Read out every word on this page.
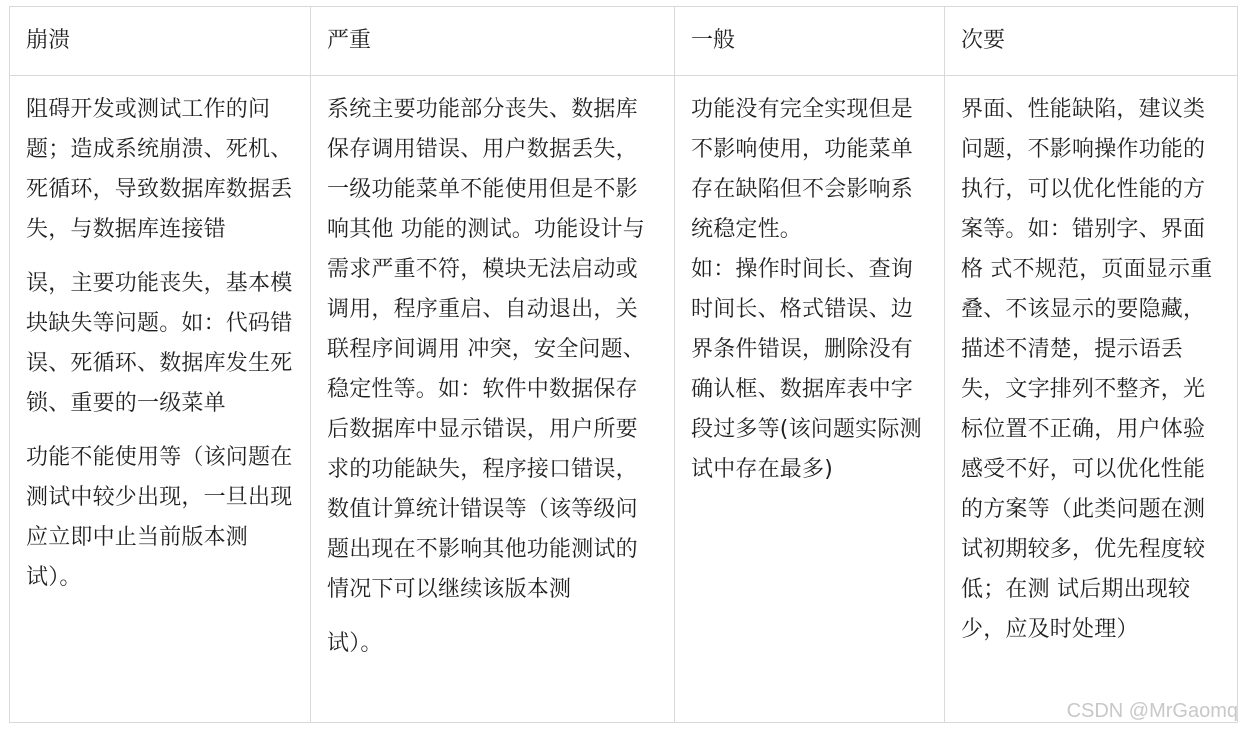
崩溃

阻碍开发或测试工作的问题；造成系统崩溃、死机、死循环，导致数据库数据丢失，与数据库连接错

误，主要功能丧失，基本模块缺失等问题。如：代码错误、死循环、数据库发生死锁、重要的一级菜单

功能不能使用等（该问题在测试中较少出现，一旦出现应立即中止当前版本测试）。

严重

系统主要功能部分丧失、数据库保存调用错误、用户数据丢失，一级功能菜单不能使用但是不影响其他 功能的测试。功能设计与需求严重不符，模块无法启动或调用，程序重启、自动退出，关联程序间调用 冲突，安全问题、稳定性等。如：软件中数据保存后数据库中显示错误，用户所要求的功能缺失，程序接口错误，数值计算统计错误等（该等级问题出现在不影响其他功能测试的情况下可以继续该版本测

试）。

一般

功能没有完全实现但是不影响使用，功能菜单存在缺陷但不会影响系统稳定性。

如：操作时间长、查询时间长、格式错误、边界条件错误，删除没有确认框、数据库表中字段过多等(该问题实际测试中存在最多)

次要

界面、性能缺陷，建议类问题，不影响操作功能的执行，可以优化性能的方案等。如：错别字、界面格 式不规范，页面显示重叠、不该显示的要隐藏，描述不清楚，提示语丢失，文字排列不整齐，光标位置不正确，用户体验感受不好，可以优化性能的方案等（此类问题在测试初期较多，优先程度较低；在测 试后期出现较少，应及时处理）

CSDN @MrGaomq
